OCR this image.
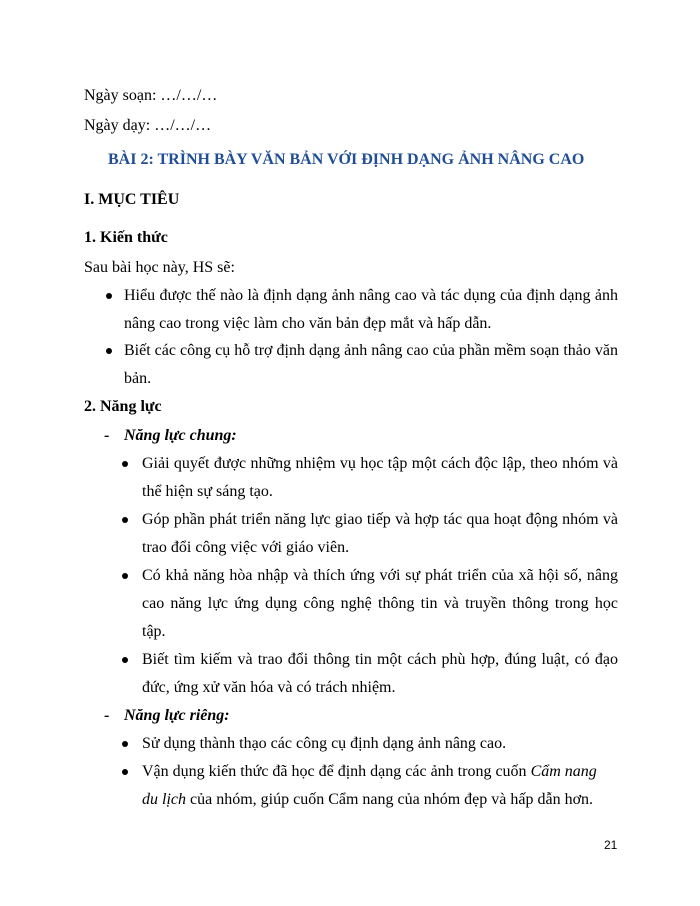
Ngày soạn: …/…/…
Ngày dạy: …/…/…
BÀI 2: TRÌNH BÀY VĂN BẢN VỚI ĐỊNH DẠNG ẢNH NÂNG CAO
I. MỤC TIÊU
1. Kiến thức
Sau bài học này, HS sẽ:
Hiểu được thế nào là định dạng ảnh nâng cao và tác dụng của định dạng ảnh
nâng cao trong việc làm cho văn bản đẹp mắt và hấp dẫn.
Biết các công cụ hỗ trợ định dạng ảnh nâng cao của phần mềm soạn thảo văn
bản.
2. Năng lực
- Năng lực chung:
Giải quyết được những nhiệm vụ học tập một cách độc lập, theo nhóm và
thể hiện sự sáng tạo.
Góp phần phát triển năng lực giao tiếp và hợp tác qua hoạt động nhóm và
trao đổi công việc với giáo viên.
Có khả năng hòa nhập và thích ứng với sự phát triển của xã hội số, nâng
cao năng lực ứng dụng công nghệ thông tin và truyền thông trong học
tập.
Biết tìm kiếm và trao đổi thông tin một cách phù hợp, đúng luật, có đạo
đức, ứng xử văn hóa và có trách nhiệm.
- Năng lực riêng:
Sử dụng thành thạo các công cụ định dạng ảnh nâng cao.
Vận dụng kiến thức đã học để định dạng các ảnh trong cuốn Cẩm nang
du lịch của nhóm, giúp cuốn Cẩm nang của nhóm đẹp và hấp dẫn hơn.
21
